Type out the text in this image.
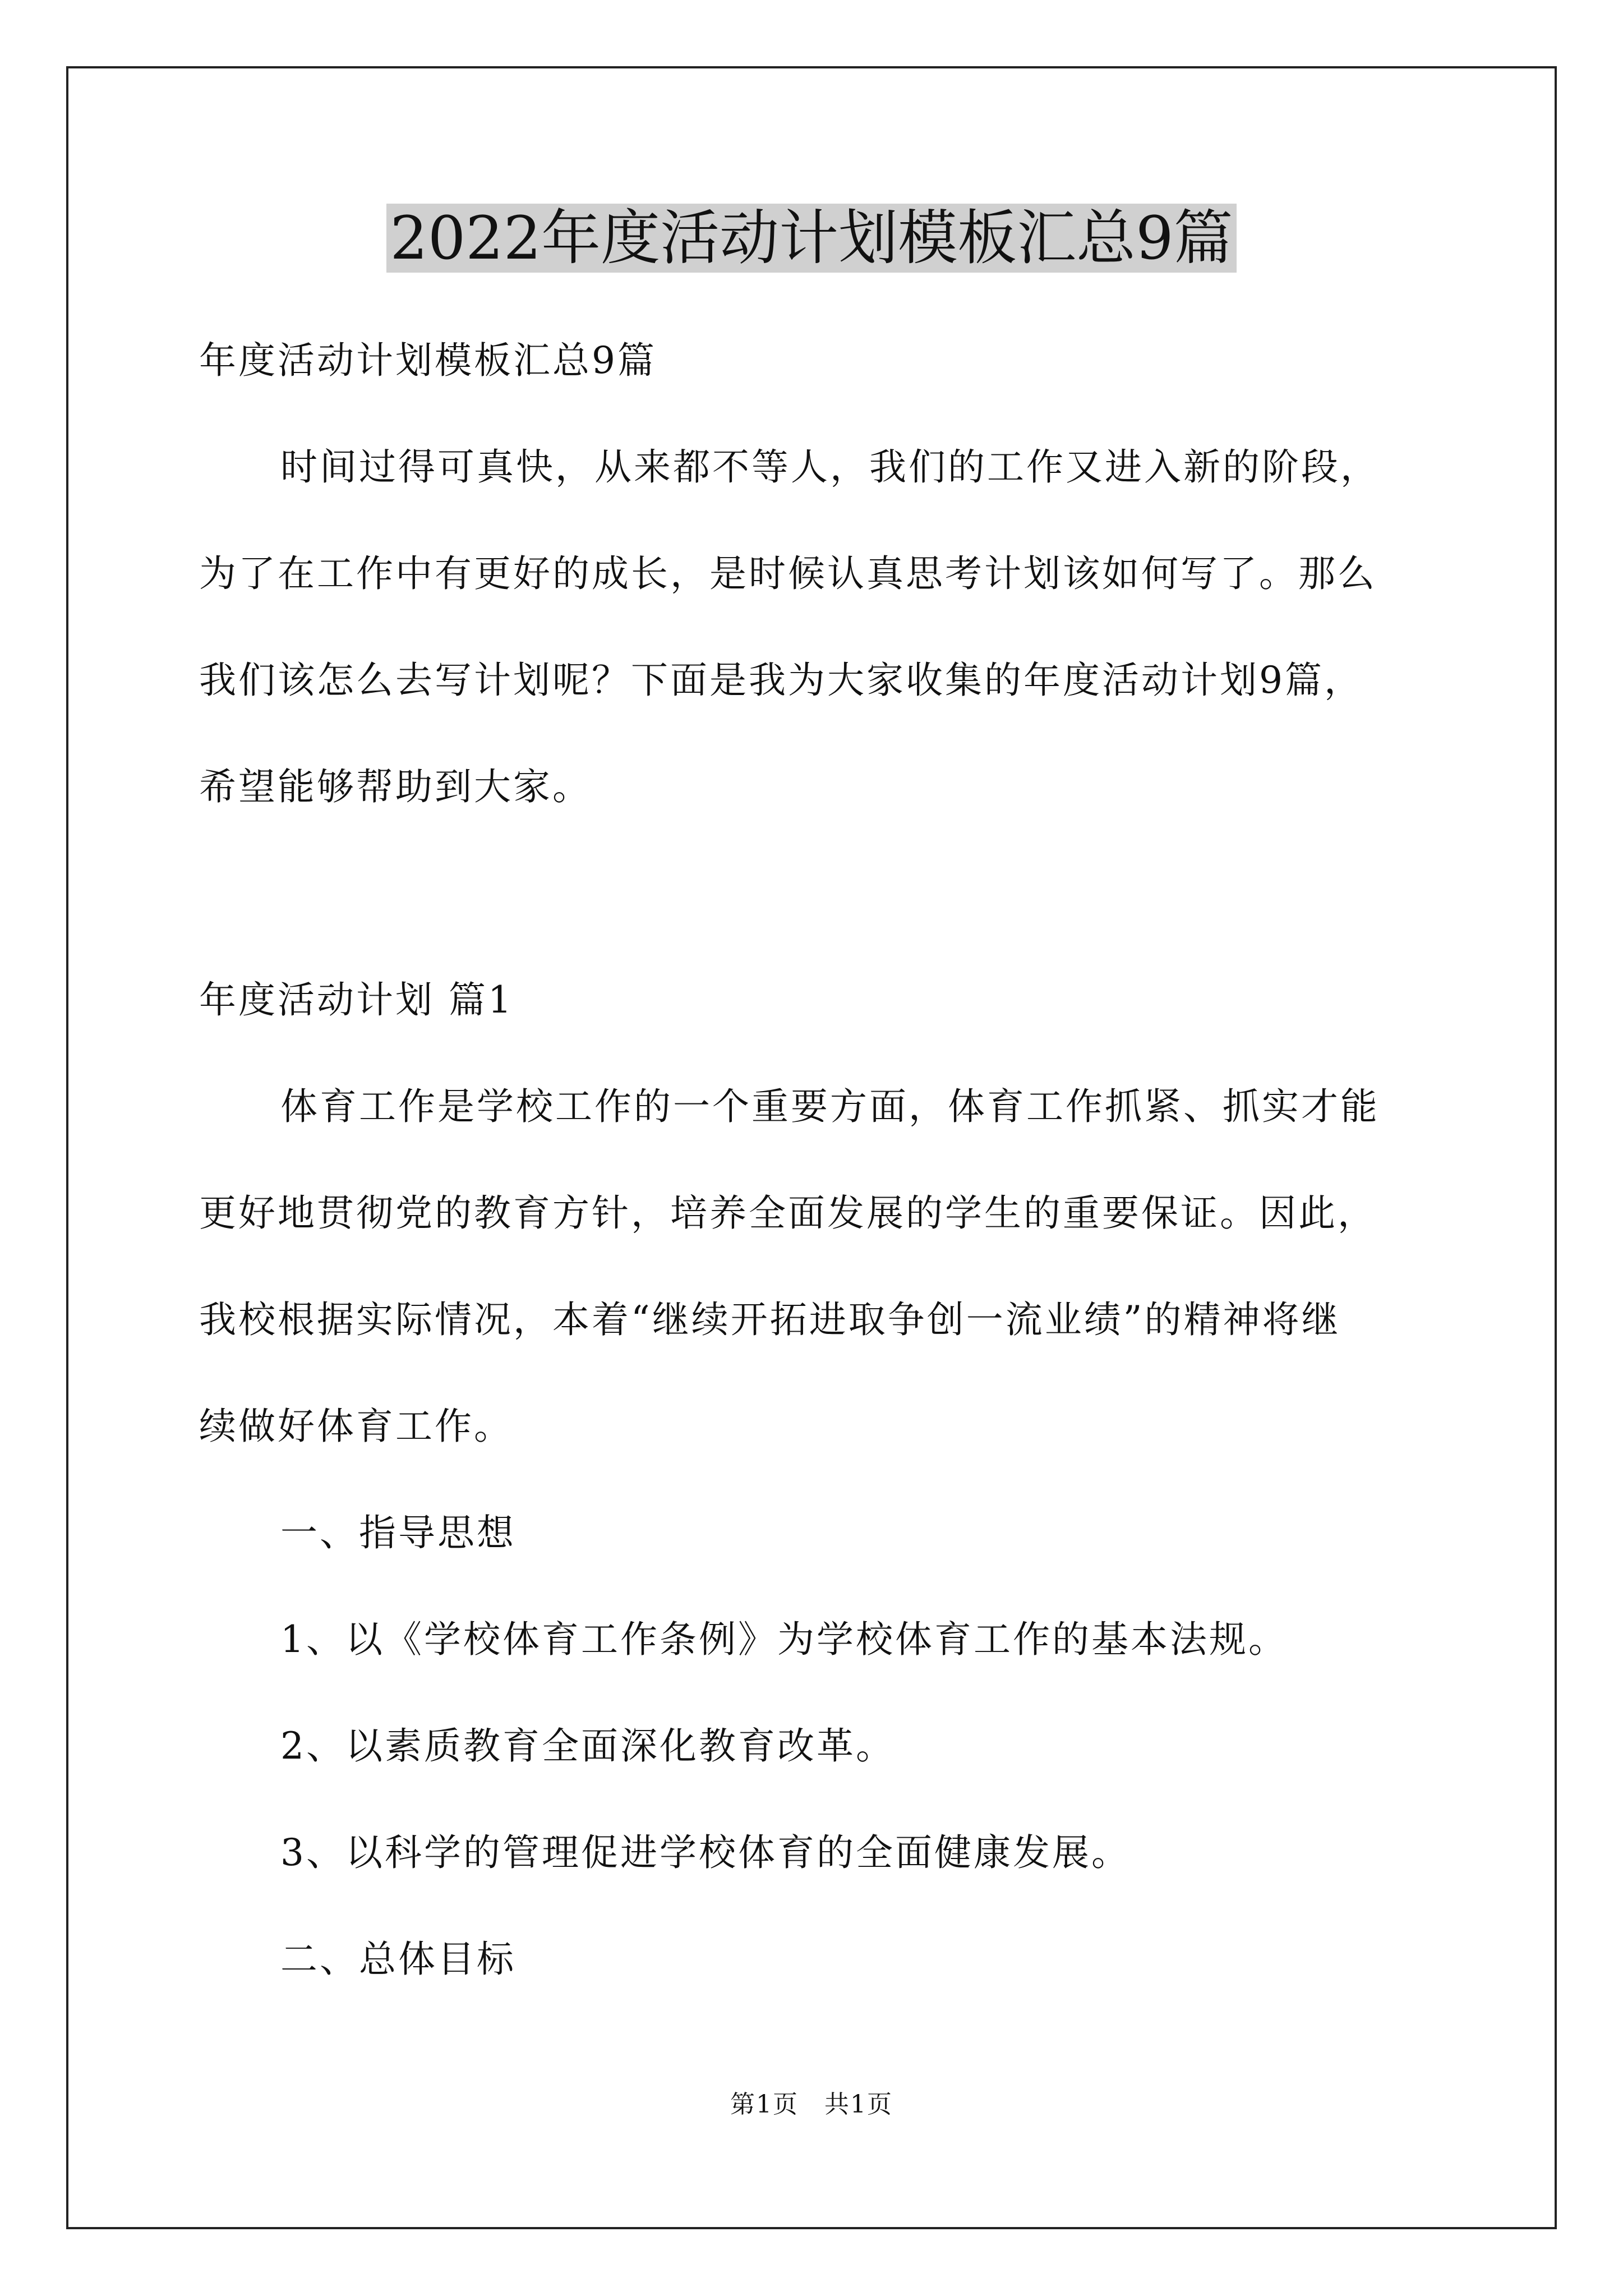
2022年度活动计划模板汇总9篇

年度活动计划模板汇总9篇

时间过得可真快，从来都不等人，我们的工作又进入新的阶段，

为了在工作中有更好的成长，是时候认真思考计划该如何写了。那么

我们该怎么去写计划呢？下面是我为大家收集的年度活动计划9篇，

希望能够帮助到大家。

年度活动计划 篇1

体育工作是学校工作的一个重要方面，体育工作抓紧、抓实才能

更好地贯彻党的教育方针，培养全面发展的学生的重要保证。因此，

我校根据实际情况，本着“继续开拓进取争创一流业绩”的精神将继

续做好体育工作。

一、指导思想

1、以《学校体育工作条例》为学校体育工作的基本法规。

2、以素质教育全面深化教育改革。

3、以科学的管理促进学校体育的全面健康发展。

二、总体目标

第1页　共1页
